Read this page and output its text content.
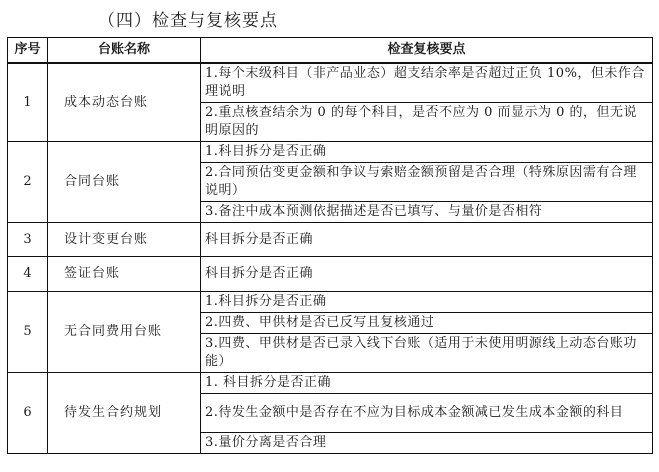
（四）检查与复核要点
序号	台账名称	检查复核要点
1	成本动态台账	1.每个末级科目（非产品业态）超支结余率是否超过正负 10%，但未作合理说明
		2.重点核查结余为 0 的每个科目，是否不应为 0 而显示为 0 的，但无说明原因的
2	合同台账	1.科目拆分是否正确
		2.合同预估变更金额和争议与索赔金额预留是否合理（特殊原因需有合理说明）
		3.备注中成本预测依据描述是否已填写、与量价是否相符
3	设计变更台账	科目拆分是否正确
4	签证台账	科目拆分是否正确
5	无合同费用台账	1.科目拆分是否正确
		2.四费、甲供材是否已反写且复核通过
		3.四费、甲供材是否已录入线下台账（适用于未使用明源线上动态台账功能）
6	待发生合约规划	1. 科目拆分是否正确
		2.待发生金额中是否存在不应为目标成本金额减已发生成本金额的科目
		3.量价分离是否合理
